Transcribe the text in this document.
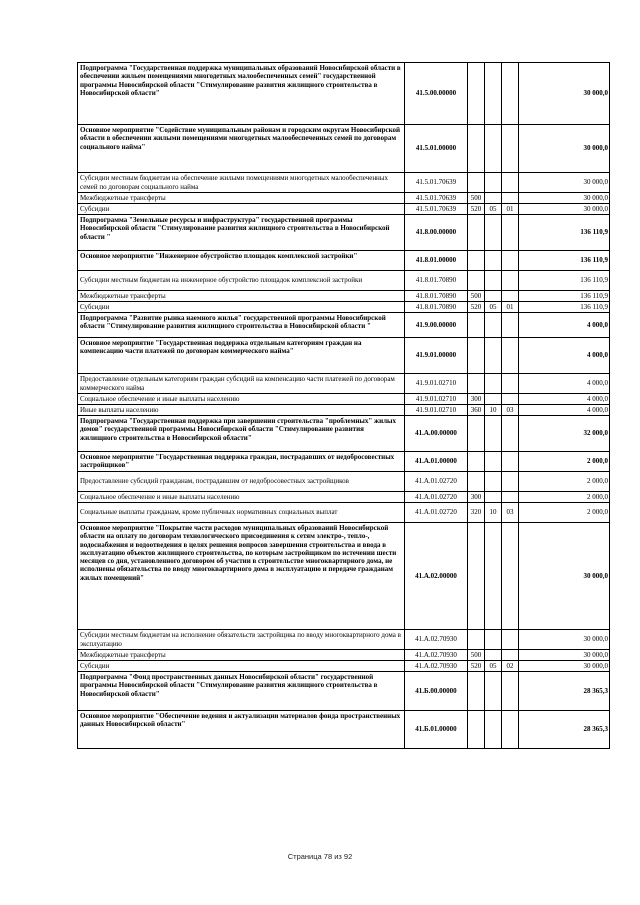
Подпрограмма "Государственная поддержка муниципальных образований Новосибирской области в обеспечении жильем помещениями многодетных малообеспеченных семей" государственной программы Новосибирской области "Стимулирование развития жилищного строительства в Новосибирской области"	41.5.00.00000				30 000,0
Основное мероприятие "Содействие муниципальным районам и городским округам Новосибирской области в обеспечении жилыми помещениями многодетных малообеспеченных семей по договорам социального найма"	41.5.01.00000				30 000,0
Субсидии местным бюджетам на обеспечение жилыми помещениями многодетных малообеспеченных семей по договорам социального найма	41.5.01.70639				30 000,0
Межбюджетные трансферты	41.5.01.70639	500			30 000,0
Субсидии	41.5.01.70639	520	05	01	30 000,0
Подпрограмма "Земельные ресурсы и инфраструктура" государственной программы Новосибирской области "Стимулирование развития жилищного строительства в Новосибирской области "	41.8.00.00000				136 110,9
Основное мероприятие "Инженерное обустройство площадок комплексной застройки"	41.8.01.00000				136 110,9
Субсидии местным бюджетам на инженерное обустройство площадок комплексной застройки	41.8.01.70890				136 110,9
Межбюджетные трансферты	41.8.01.70890	500			136 110,9
Субсидии	41.8.01.70890	520	05	01	136 110,9
Подпрограмма "Развитие рынка наемного жилья" государственной программы Новосибирской области "Стимулирование развития жилищного строительства в Новосибирской области "	41.9.00.00000				4 000,0
Основное мероприятие "Государственная поддержка отдельным категориям граждан на компенсацию части платежей по договорам коммерческого найма"	41.9.01.00000				4 000,0
Предоставление отдельным категориям граждан субсидий на компенсацию части платежей по договорам коммерческого найма	41.9.01.02710				4 000,0
Социальное обеспечение и иные выплаты населению	41.9.01.02710	300			4 000,0
Иные выплаты населению	41.9.01.02710	360	10	03	4 000,0
Подпрограмма "Государственная поддержка при завершении строительства "проблемных" жилых домов" государственной программы Новосибирской области "Стимулирование развития жилищного строительства в Новосибирской области"	41.А.00.00000				32 000,0
Основное мероприятие "Государственная поддержка граждан, пострадавших от недобросовестных застройщиков"	41.А.01.00000				2 000,0
Предоставление субсидий гражданам, пострадавшим от недобросовестных застройщиков	41.А.01.02720				2 000,0
Социальное обеспечение и иные выплаты населению	41.А.01.02720	300			2 000,0
Социальные выплаты гражданам, кроме публичных нормативных социальных выплат	41.А.01.02720	320	10	03	2 000,0
Основное мероприятие "Покрытие части расходов муниципальных образований Новосибирской области на оплату по договорам технологического присоединения к сетям электро-, тепло-, водоснабжения и водоотведения в целях решения вопросов завершения строительства и ввода в эксплуатацию объектов жилищного строительства, по которым застройщиком по истечении шести месяцев со дня, установленного договором об участии в строительстве многоквартирного дома, не исполнены обязательства по вводу многоквартирного дома в эксплуатацию и передаче гражданам жилых помещений"	41.А.02.00000				30 000,0
Субсидии местным бюджетам на исполнение обязательств застройщика по вводу многоквартирного дома в эксплуатацию	41.А.02.70930				30 000,0
Межбюджетные трансферты	41.А.02.70930	500			30 000,0
Субсидии	41.А.02.70930	520	05	02	30 000,0
Подпрограмма "Фонд пространственных данных Новосибирской области" государственной программы Новосибирской области "Стимулирование развития жилищного строительства в Новосибирской области"	41.Б.00.00000				28 365,3
Основное мероприятие "Обеспечение ведения и актуализации материалов фонда пространственных данных Новосибирской области"	41.Б.01.00000				28 365,3
Страница 78 из 92
